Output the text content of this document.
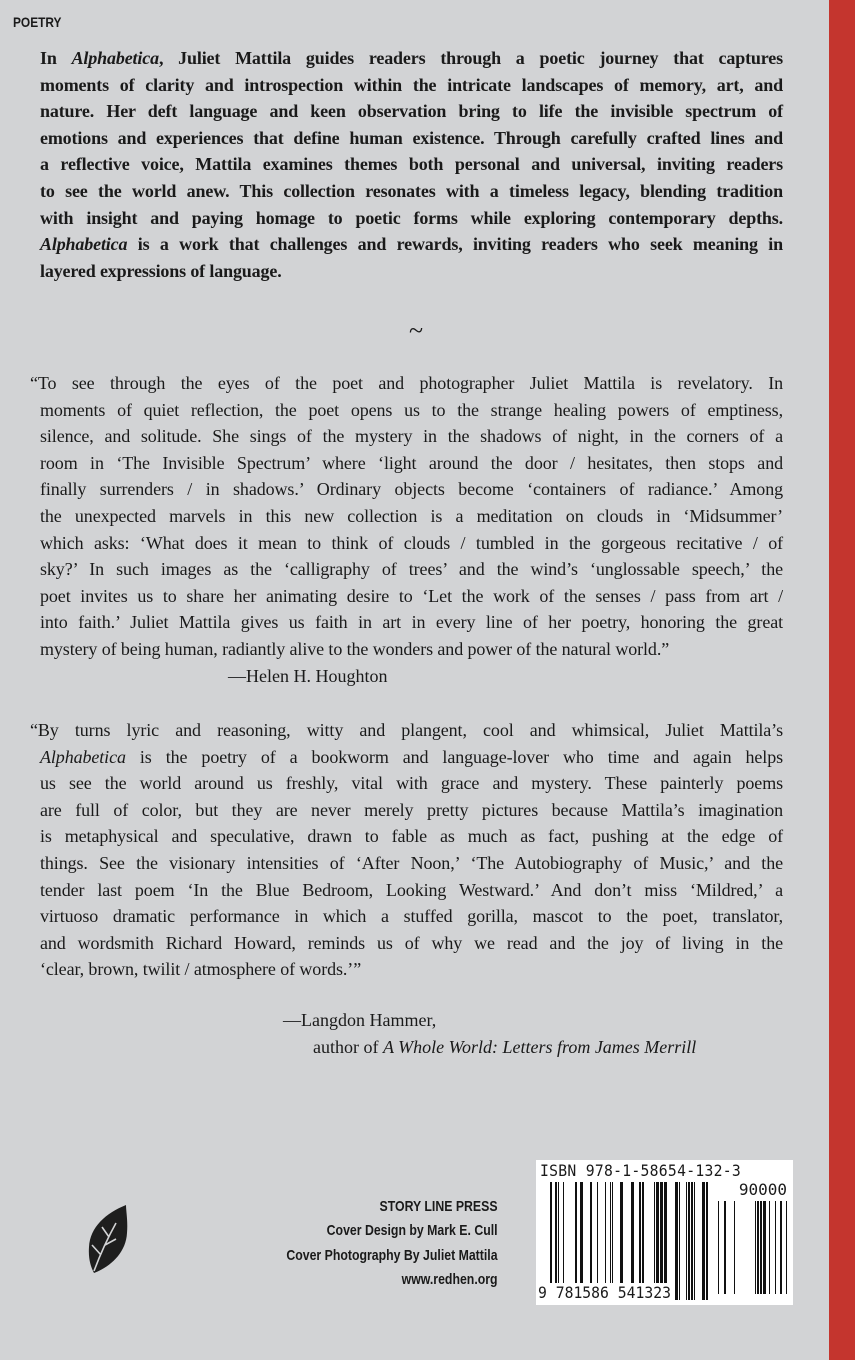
POETRY
In Alphabetica, Juliet Mattila guides readers through a poetic journey that captures
moments of clarity and introspection within the intricate landscapes of memory, art, and
nature. Her deft language and keen observation bring to life the invisible spectrum of
emotions and experiences that define human existence. Through carefully crafted lines and
a reflective voice, Mattila examines themes both personal and universal, inviting readers
to see the world anew. This collection resonates with a timeless legacy, blending tradition
with insight and paying homage to poetic forms while exploring contemporary depths.
Alphabetica is a work that challenges and rewards, inviting readers who seek meaning in
layered expressions of language.
~
“To see through the eyes of the poet and photographer Juliet Mattila is revelatory. In
moments of quiet reflection, the poet opens us to the strange healing powers of emptiness,
silence, and solitude. She sings of the mystery in the shadows of night, in the corners of a
room in ‘The Invisible Spectrum’ where ‘light around the door / hesitates, then stops and
finally surrenders / in shadows.’ Ordinary objects become ‘containers of radiance.’ Among
the unexpected marvels in this new collection is a meditation on clouds in ‘Midsummer’
which asks: ‘What does it mean to think of clouds / tumbled in the gorgeous recitative / of
sky?’ In such images as the ‘calligraphy of trees’ and the wind’s ‘unglossable speech,’ the
poet invites us to share her animating desire to ‘Let the work of the senses / pass from art /
into faith.’ Juliet Mattila gives us faith in art in every line of her poetry, honoring the great
mystery of being human, radiantly alive to the wonders and power of the natural world.”
—Helen H. Houghton
“By turns lyric and reasoning, witty and plangent, cool and whimsical, Juliet Mattila’s
Alphabetica is the poetry of a bookworm and language-lover who time and again helps
us see the world around us freshly, vital with grace and mystery. These painterly poems
are full of color, but they are never merely pretty pictures because Mattila’s imagination
is metaphysical and speculative, drawn to fable as much as fact, pushing at the edge of
things. See the visionary intensities of ‘After Noon,’ ‘The Autobiography of Music,’ and the
tender last poem ‘In the Blue Bedroom, Looking Westward.’ And don’t miss ‘Mildred,’ a
virtuoso dramatic performance in which a stuffed gorilla, mascot to the poet, translator,
and wordsmith Richard Howard, reminds us of why we read and the joy of living in the
‘clear, brown, twilit / atmosphere of words.’”
—Langdon Hammer,
author of A Whole World: Letters from James Merrill
STORY LINE PRESS
Cover Design by Mark E. Cull
Cover Photography By Juliet Mattila
www.redhen.org
ISBN 978-1-58654-132-3
90000
9 781586 541323
